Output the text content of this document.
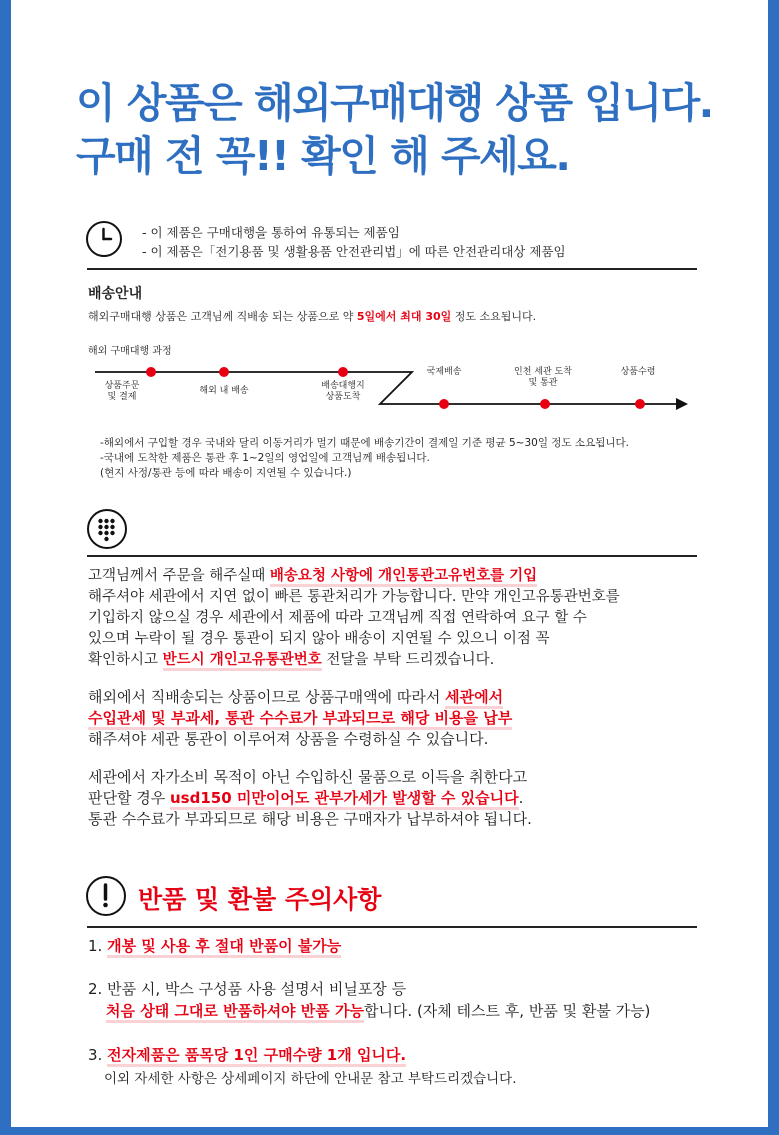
이 상품은 해외구매대행 상품 입니다.
구매 전 꼭!! 확인 해 주세요.
- 이 제품은 구매대행을 통하여 유통되는 제품임
- 이 제품은「전기용품 및 생활용품 안전관리법」에 따른 안전관리대상 제품임
배송안내
해외구매대행 상품은 고객님께 직배송 되는 상품으로 약 5일에서 최대 30일 정도 소요됩니다.
해외 구매대행 과정
상품주문
및 결제
해외 내 배송	배송대행지
상품도착
국제배송	인천 세관 도착
및 통관
상품수령
-해외에서 구입할 경우 국내와 달리 이동거리가 멀기 때문에 배송기간이 결제일 기준 평균 5~30일 정도 소요됩니다.
-국내에 도착한 제품은 통관 후 1~2일의 영업일에 고객님께 배송됩니다.
(현지 사정/통관 등에 따라 배송이 지연될 수 있습니다.)
고객님께서 주문을 해주실때 배송요청 사항에 개인통관고유번호를 기입
해주셔야 세관에서 지연 없이 빠른 통관처리가 가능합니다. 만약 개인고유통관번호를
기입하지 않으실 경우 세관에서 제품에 따라 고객님께 직접 연락하여 요구 할 수
있으며 누락이 될 경우 통관이 되지 않아 배송이 지연될 수 있으니 이점 꼭
확인하시고 반드시 개인고유통관번호 전달을 부탁 드리겠습니다.
해외에서 직배송되는 상품이므로 상품구매액에 따라서 세관에서
수입관세 및 부과세, 통관 수수료가 부과되므로 해당 비용을 납부
해주셔야 세관 통관이 이루어져 상품을 수령하실 수 있습니다.
세관에서 자가소비 목적이 아닌 수입하신 물품으로 이득을 취한다고
판단할 경우 usd150 미만이어도 관부가세가 발생할 수 있습니다.
통관 수수료가 부과되므로 해당 비용은 구매자가 납부하셔야 됩니다.
반품 및 환불 주의사항
1. 개봉 및 사용 후 절대 반품이 불가능
2. 반품 시, 박스 구성품 사용 설명서 비닐포장 등
처음 상태 그대로 반품하셔야 반품 가능합니다. (자체 테스트 후, 반품 및 환불 가능)
3. 전자제품은 품목당 1인 구매수량 1개 입니다.
이외 자세한 사항은 상세페이지 하단에 안내문 참고 부탁드리겠습니다.
